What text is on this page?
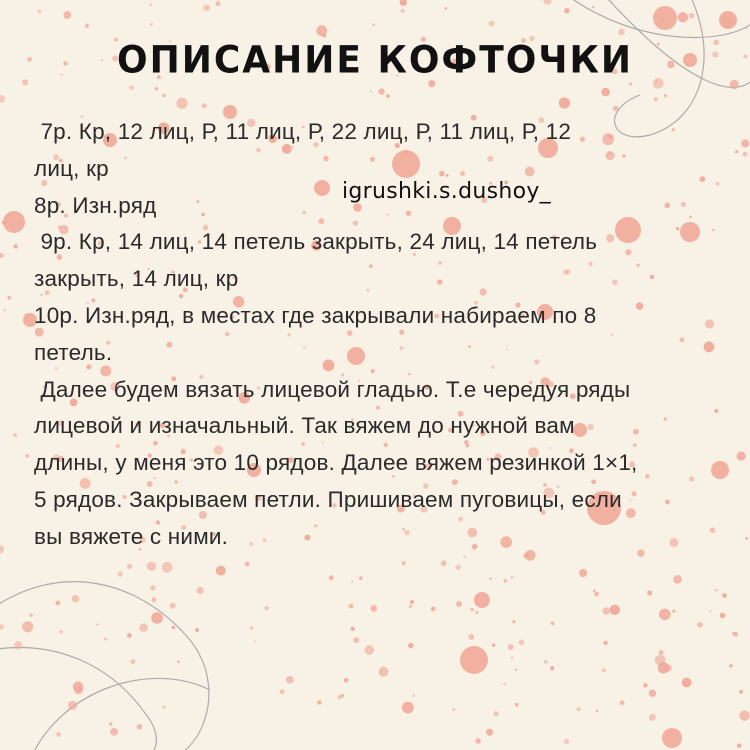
ОПИСАНИЕ КОФТОЧКИ

7р. Кр, 12 лиц, Р, 11 лиц, Р, 22 лиц, Р, 11 лиц, Р, 12
лиц, кр

8р. Изн.ряд

9р. Кр, 14 лиц, 14 петель закрыть, 24 лиц, 14 петель
закрыть, 14 лиц, кр

10р. Изн.ряд, в местах где закрывали набираем по 8
петель.

Далее будем вязать лицевой гладью. Т.е чередуя ряды
лицевой и изначальный. Так вяжем до нужной вам
длины, у меня это 10 рядов. Далее вяжем резинкой 1×1,
5 рядов. Закрываем петли. Пришиваем пуговицы, если
вы вяжете с ними.

igrushki.s.dushoy_
